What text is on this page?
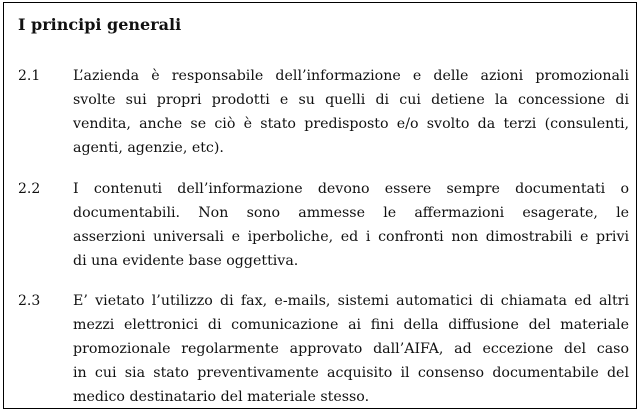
I principi generali
2.1 L’azienda è responsabile dell’informazione e delle azioni promozionali
svolte sui propri prodotti e su quelli di cui detiene la concessione di
vendita, anche se ciò è stato predisposto e/o svolto da terzi (consulenti,
agenti, agenzie, etc).
2.2 I contenuti dell’informazione devono essere sempre documentati o
documentabili. Non sono ammesse le affermazioni esagerate, le
asserzioni universali e iperboliche, ed i confronti non dimostrabili e privi
di una evidente base oggettiva.
2.3 E’ vietato l’utilizzo di fax, e-mails, sistemi automatici di chiamata ed altri
mezzi elettronici di comunicazione ai fini della diffusione del materiale
promozionale regolarmente approvato dall’AIFA, ad eccezione del caso
in cui sia stato preventivamente acquisito il consenso documentabile del
medico destinatario del materiale stesso.
